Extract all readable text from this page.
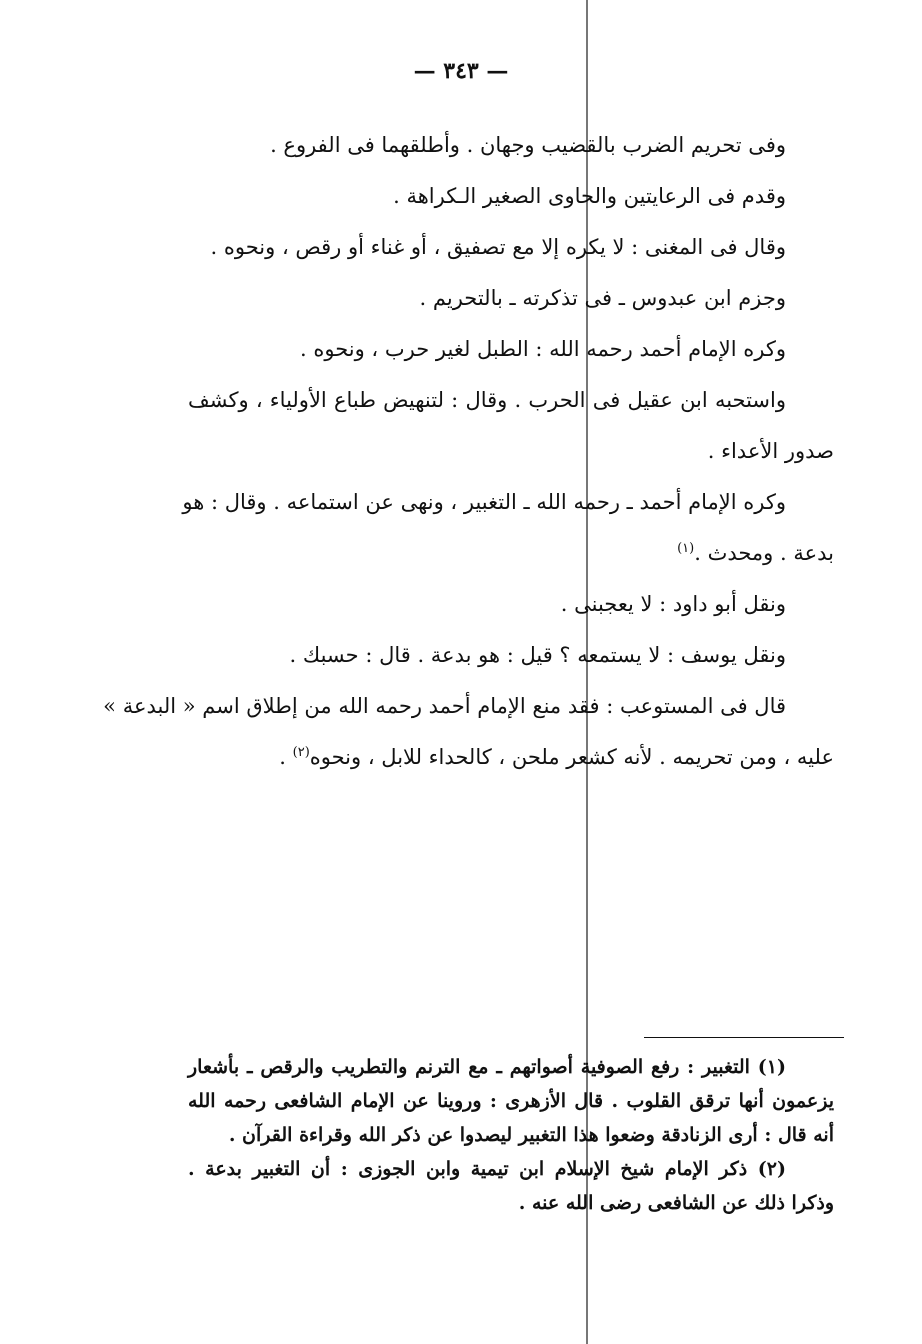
— ٣٤٣ —
وفى تحريم الضرب بالقضيب وجهان . وأطلقهما فى الفروع .
وقدم فى الرعايتين والحاوى الصغير الـكراهة .
وقال فى المغنى : لا يكره إلا مع تصفيق ، أو غناء أو رقص ، ونحوه .
وجزم ابن عبدوس ـ فى تذكرته ـ بالتحريم .
وكره الإمام أحمد رحمه الله : الطبل لغير حرب ، ونحوه .
واستحبه ابن عقيل فى الحرب . وقال : لتنهيض طباع الأولياء ، وكشف
صدور الأعداء .
وكره الإمام أحمد ـ رحمه الله ـ التغبير ، ونهى عن استماعه . وقال : هو
بدعة . ومحدث .$^{(١)}$
ونقل أبو داود : لا يعجبنى .
ونقل يوسف : لا يستمعه ؟ قيل : هو بدعة . قال : حسبك .
قال فى المستوعب : فقد منع الإمام أحمد رحمه الله من إطلاق اسم « البدعة »
عليه ، ومن تحريمه . لأنه كشعر ملحن ، كالحداء للابل ، ونحوه$^{(٢)}$ .
(١) التغبير : رفع الصوفية أصواتهم ـ مع الترنم والتطريب والرقص ـ بأشعار
يزعمون أنها ترقق القلوب . قال الأزهرى : وروينا عن الإمام الشافعى رحمه الله
أنه قال : أرى الزنادقة وضعوا هذا التغبير ليصدوا عن ذكر الله وقراءة القرآن .
(٢) ذكر الإمام شيخ الإسلام ابن تيمية وابن الجوزى : أن التغبير بدعة .
وذكرا ذلك عن الشافعى رضى الله عنه .
